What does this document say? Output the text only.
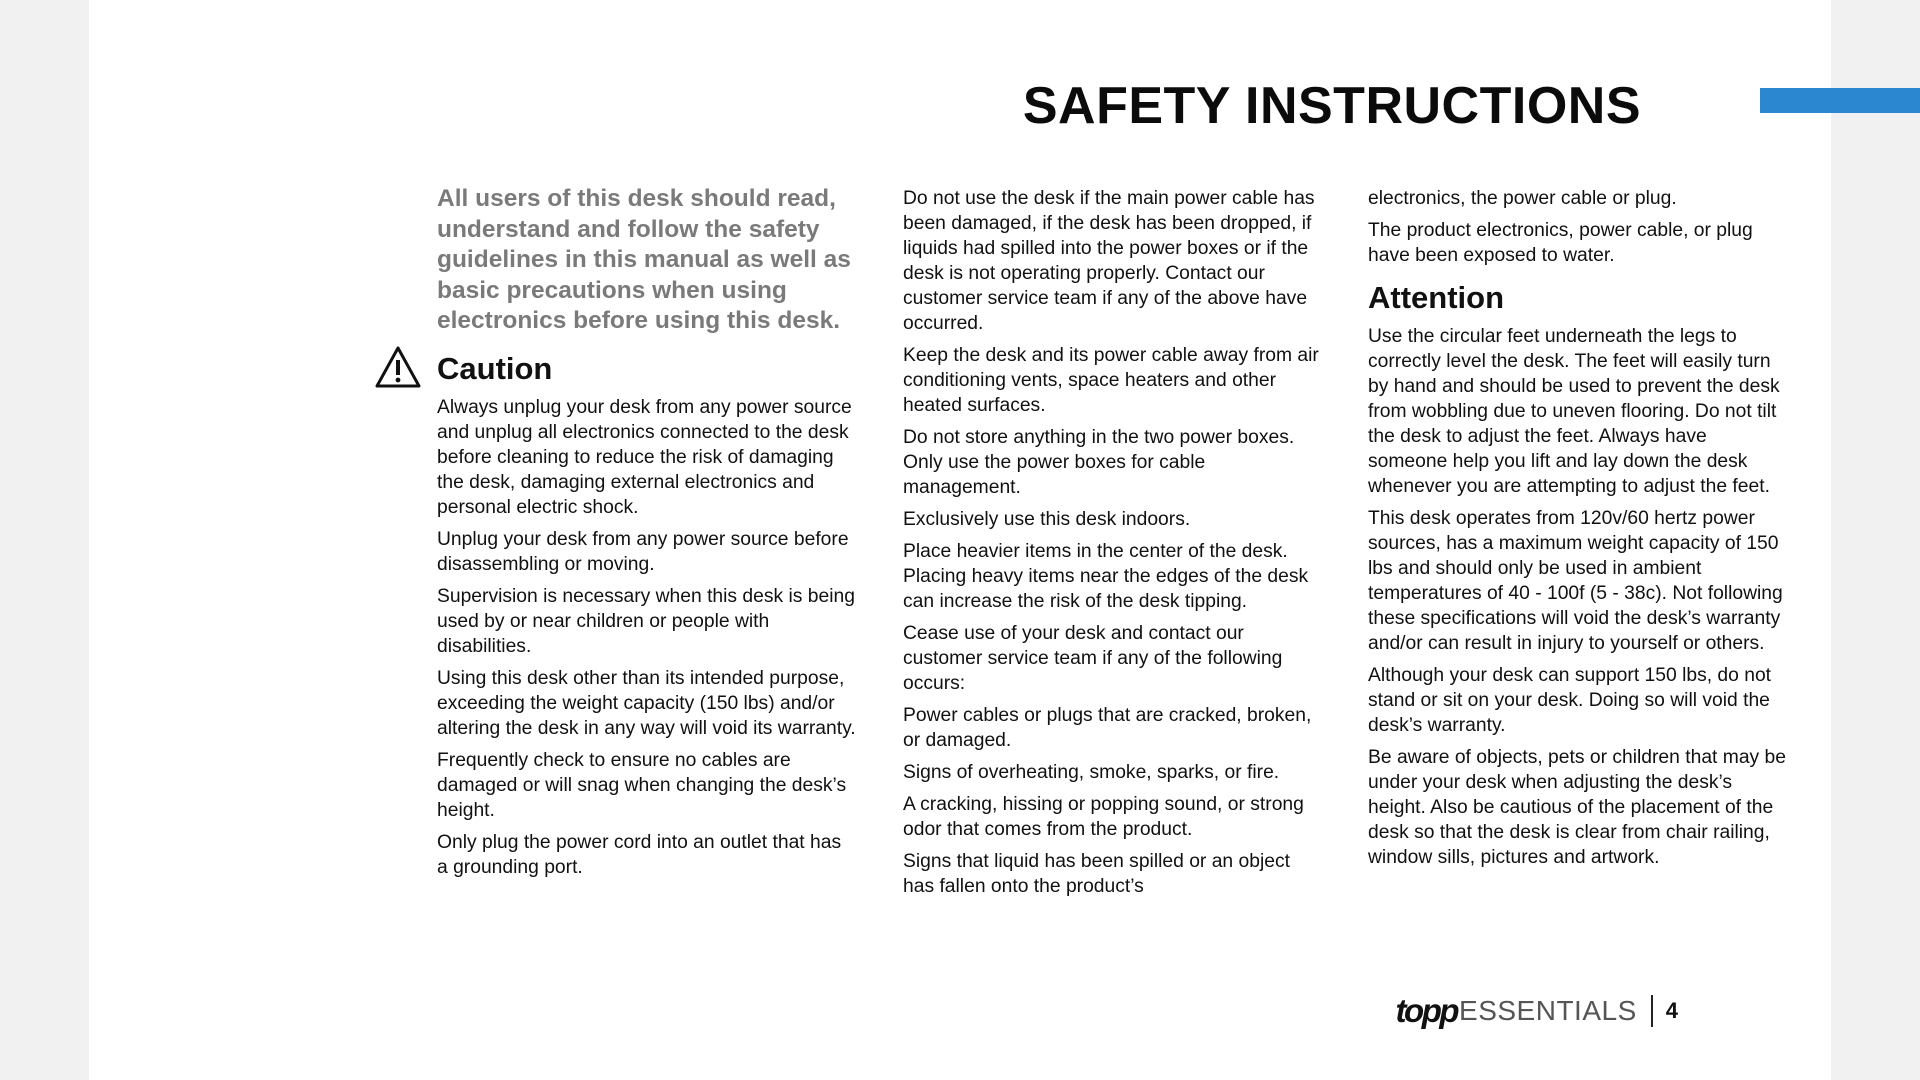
SAFETY INSTRUCTIONS

All users of this desk should read, understand and follow the safety guidelines in this manual as well as basic precautions when using electronics before using this desk.

Caution

Always unplug your desk from any power source and unplug all electronics connected to the desk before cleaning to reduce the risk of damaging the desk, damaging external electronics and personal electric shock.

Unplug your desk from any power source before disassembling or moving.

Supervision is necessary when this desk is being used by or near children or people with disabilities.

Using this desk other than its intended purpose, exceeding the weight capacity (150 lbs) and/or altering the desk in any way will void its warranty.

Frequently check to ensure no cables are damaged or will snag when changing the desk’s height.

Only plug the power cord into an outlet that has a grounding port.

Do not use the desk if the main power cable has been damaged, if the desk has been dropped, if liquids had spilled into the power boxes or if the desk is not operating properly. Contact our customer service team if any of the above have occurred.

Keep the desk and its power cable away from air conditioning vents, space heaters and other heated surfaces.

Do not store anything in the two power boxes. Only use the power boxes for cable management.

Exclusively use this desk indoors.

Place heavier items in the center of the desk. Placing heavy items near the edges of the desk can increase the risk of the desk tipping.

Cease use of your desk and contact our customer service team if any of the following occurs:

Power cables or plugs that are cracked, broken, or damaged.

Signs of overheating, smoke, sparks, or fire.

A cracking, hissing or popping sound, or strong odor that comes from the product.

Signs that liquid has been spilled or an object has fallen onto the product’s

electronics, the power cable or plug.

The product electronics, power cable, or plug have been exposed to water.

Attention

Use the circular feet underneath the legs to correctly level the desk. The feet will easily turn by hand and should be used to prevent the desk from wobbling due to uneven flooring. Do not tilt the desk to adjust the feet. Always have someone help you lift and lay down the desk whenever you are attempting to adjust the feet.

This desk operates from 120v/60 hertz power sources, has a maximum weight capacity of 150 lbs and should only be used in ambient temperatures of 40 - 100f (5 - 38c). Not following these specifications will void the desk’s warranty and/or can result in injury to yourself or others.

Although your desk can support 150 lbs, do not stand or sit on your desk. Doing so will void the desk’s warranty.

Be aware of objects, pets or children that may be under your desk when adjusting the desk’s height. Also be cautious of the placement of the desk so that the desk is clear from chair railing, window sills, pictures and artwork.

topp ESSENTIALS 4
